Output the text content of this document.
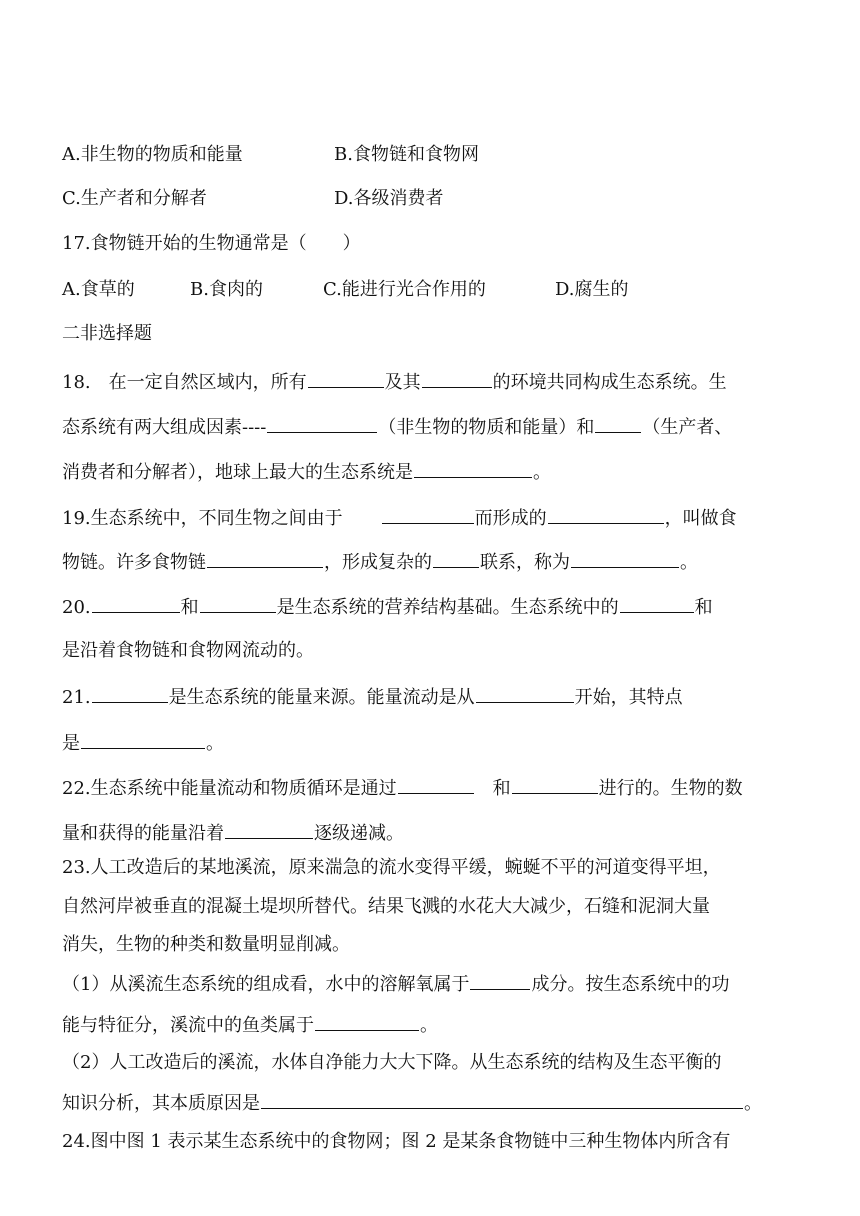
A.非生物的物质和能量	B.食物链和食物网
C.生产者和分解者	D.各级消费者
17.食物链开始的生物通常是（　　）
A.食草的	B.食肉的	C.能进行光合作用的	D.腐生的
二非选择题
18.　在一定自然区域内，所有	及其	的环境共同构成生态系统。生
态系统有两大组成因素----	（非生物的物质和能量）和	（生产者、
消费者和分解者），地球上最大的生态系统是	。
19.生态系统中，不同生物之间由于	而形成的	，叫做食
物链。许多食物链	，形成复杂的	联系，称为	。
20.	和	是生态系统的营养结构基础。生态系统中的	和
是沿着食物链和食物网流动的。
21.	是生态系统的能量来源。能量流动是从	开始，其特点
是	。
22.生态系统中能量流动和物质循环是通过	和	进行的。生物的数
量和获得的能量沿着	逐级递减。
23.人工改造后的某地溪流，原来湍急的流水变得平缓，蜿蜒不平的河道变得平坦，
自然河岸被垂直的混凝土堤坝所替代。结果飞溅的水花大大减少，石缝和泥洞大量
消失，生物的种类和数量明显削减。
（1）从溪流生态系统的组成看，水中的溶解氧属于	成分。按生态系统中的功
能与特征分，溪流中的鱼类属于	。
（2）人工改造后的溪流，水体自净能力大大下降。从生态系统的结构及生态平衡的
知识分析，其本质原因是	。
24.图中图 1 表示某生态系统中的食物网；图 2 是某条食物链中三种生物体内所含有
